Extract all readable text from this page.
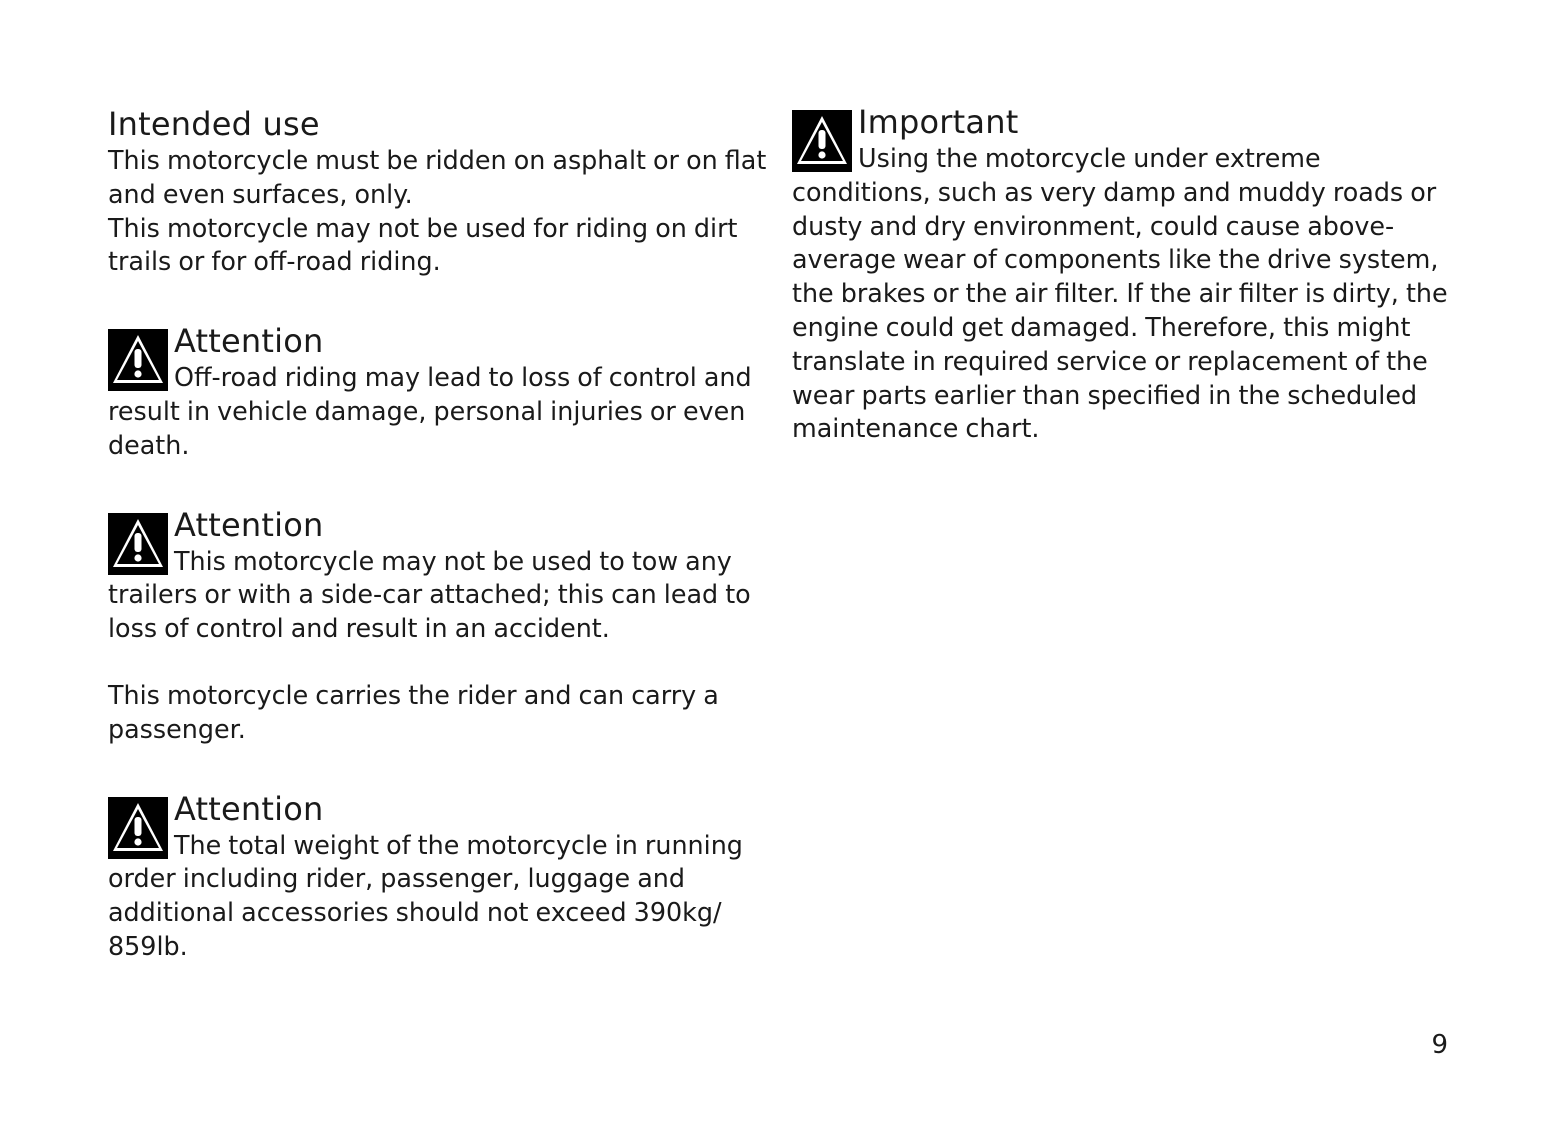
Intended use

This motorcycle must be ridden on asphalt or on flat and even surfaces, only.

This motorcycle may not be used for riding on dirt trails or for off-road riding.

Attention

Off-road riding may lead to loss of control and result in vehicle damage, personal injuries or even death.

Attention

This motorcycle may not be used to tow any trailers or with a side-car attached; this can lead to loss of control and result in an accident.

This motorcycle carries the rider and can carry a passenger.

Attention

The total weight of the motorcycle in running order including rider, passenger, luggage and additional accessories should not exceed 390kg/ 859lb.

Important

Using the motorcycle under extreme conditions, such as very damp and muddy roads or dusty and dry environment, could cause above-average wear of components like the drive system, the brakes or the air filter. If the air filter is dirty, the engine could get damaged. Therefore, this might translate in required service or replacement of the wear parts earlier than specified in the scheduled maintenance chart.

9
